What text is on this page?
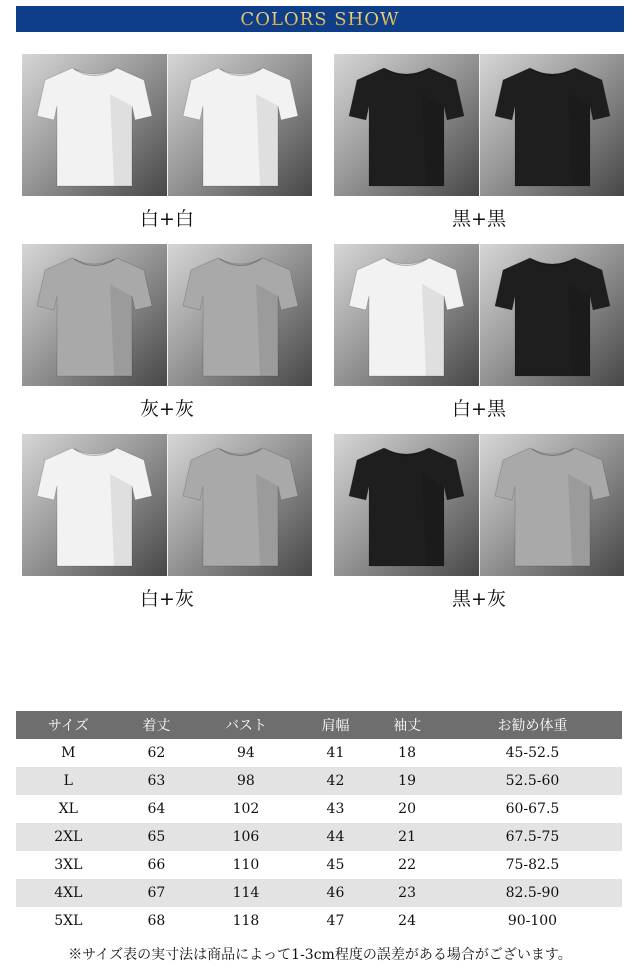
COLORS SHOW
白+白	黒+黒
灰+灰	白+黒
白+灰	黒+灰
サイズ	着丈	バスト	肩幅	袖丈	お勧め体重
M	62	94	41	18	45-52.5
L	63	98	42	19	52.5-60
XL	64	102	43	20	60-67.5
2XL	65	106	44	21	67.5-75
3XL	66	110	45	22	75-82.5
4XL	67	114	46	23	82.5-90
5XL	68	118	47	24	90-100
※サイズ表の実寸法は商品によって1-3cm程度の誤差がある場合がございます。
